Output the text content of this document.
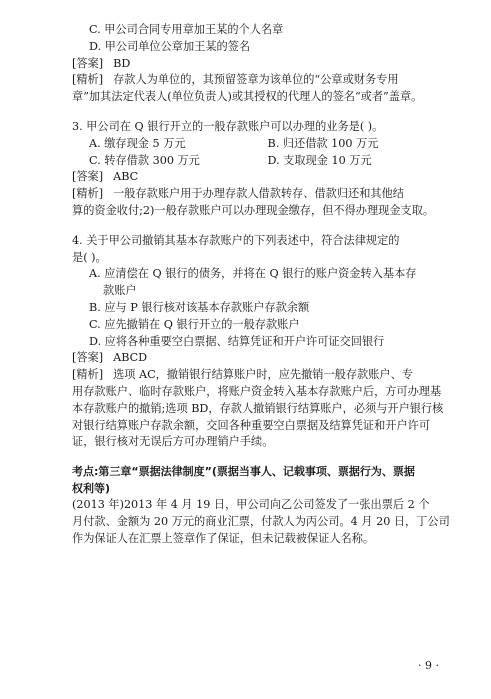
C. 甲公司合同专用章加王某的个人名章
D. 甲公司单位公章加王某的签名
[答案] BD
[精析] 存款人为单位的，其预留签章为该单位的“公章或财务专用
章”加其法定代表人(单位负责人)或其授权的代理人的签名“或者”盖章。
3. 甲公司在 Q 银行开立的一般存款账户可以办理的业务是( )。
A. 缴存现金 5 万元	B. 归还借款 100 万元
C. 转存借款 300 万元	D. 支取现金 10 万元
[答案] ABC
[精析] 一般存款账户用于办理存款人借款转存、借款归还和其他结
算的资金收付;2)一般存款账户可以办理现金缴存，但不得办理现金支取。
4. 关于甲公司撤销其基本存款账户的下列表述中，符合法律规定的
是( )。
A. 应清偿在 Q 银行的债务，并将在 Q 银行的账户资金转入基本存
款账户
B. 应与 P 银行核对该基本存款账户存款余额
C. 应先撤销在 Q 银行开立的一般存款账户
D. 应将各种重要空白票据、结算凭证和开户许可证交回银行
[答案] ABCD
[精析] 选项 AC，撤销银行结算账户时，应先撤销一般存款账户、专
用存款账户、临时存款账户，将账户资金转入基本存款账户后，方可办理基
本存款账户的撤销;选项 BD，存款人撤销银行结算账户，必须与开户银行核
对银行结算账户存款余额，交回各种重要空白票据及结算凭证和开户许可
证，银行核对无误后方可办理销户手续。
考点:第三章“票据法律制度”(票据当事人、记载事项、票据行为、票据
权利等)
(2013 年)2013 年 4 月 19 日，甲公司向乙公司签发了一张出票后 2 个
月付款、金额为 20 万元的商业汇票，付款人为丙公司。4 月 20 日，丁公司
作为保证人在汇票上签章作了保证，但未记载被保证人名称。
· 9 ·
